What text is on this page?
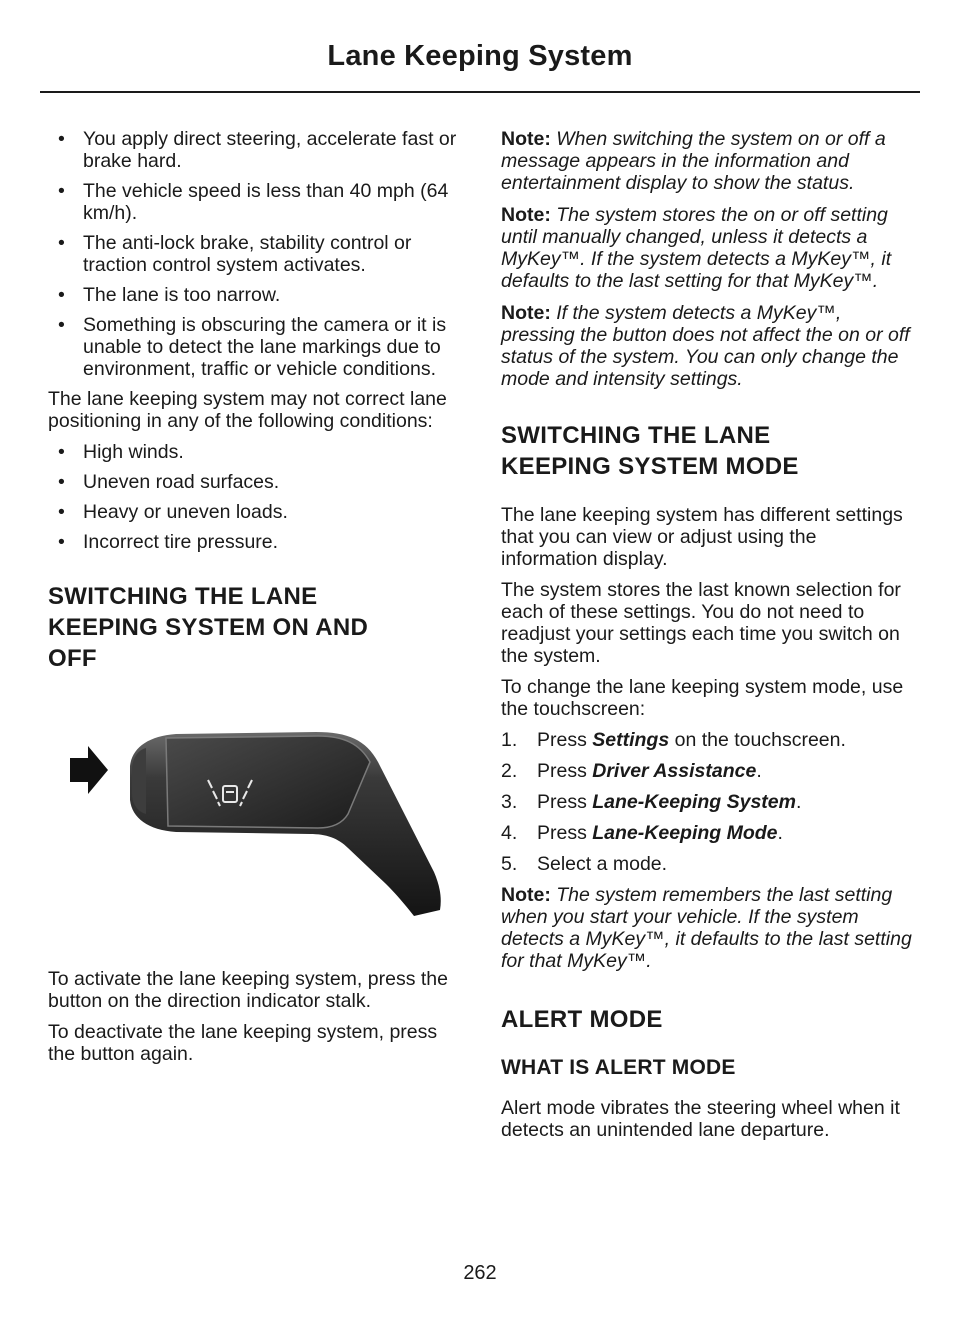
Lane Keeping System
• You apply direct steering, accelerate fast or brake hard.
• The vehicle speed is less than 40 mph (64 km/h).
• The anti-lock brake, stability control or traction control system activates.
• The lane is too narrow.
• Something is obscuring the camera or it is unable to detect the lane markings due to environment, traffic or vehicle conditions.

The lane keeping system may not correct lane positioning in any of the following conditions:

• High winds.
• Uneven road surfaces.
• Heavy or uneven loads.
• Incorrect tire pressure.
SWITCHING THE LANE
KEEPING SYSTEM ON AND
OFF

To activate the lane keeping system, press the button on the direction indicator stalk.

To deactivate the lane keeping system, press the button again.

Note: When switching the system on or off a message appears in the information and entertainment display to show the status.

Note: The system stores the on or off setting until manually changed, unless it detects a MyKey™. If the system detects a MyKey™, it defaults to the last setting for that MyKey™.

Note: If the system detects a MyKey™, pressing the button does not affect the on or off status of the system. You can only change the mode and intensity settings.

SWITCHING THE LANE
KEEPING SYSTEM MODE

The lane keeping system has different settings that you can view or adjust using the information display.

The system stores the last known selection for each of these settings. You do not need to readjust your settings each time you switch on the system.

To change the lane keeping system mode, use the touchscreen:

1.	Press Settings on the touchscreen.
2.	Press Driver Assistance.
3.	Press Lane-Keeping System.
4.	Press Lane-Keeping Mode.
5.	Select a mode.

Note: The system remembers the last setting when you start your vehicle. If the system detects a MyKey™, it defaults to the last setting for that MyKey™.

ALERT MODE
WHAT IS ALERT MODE

Alert mode vibrates the steering wheel when it detects an unintended lane departure.

262
